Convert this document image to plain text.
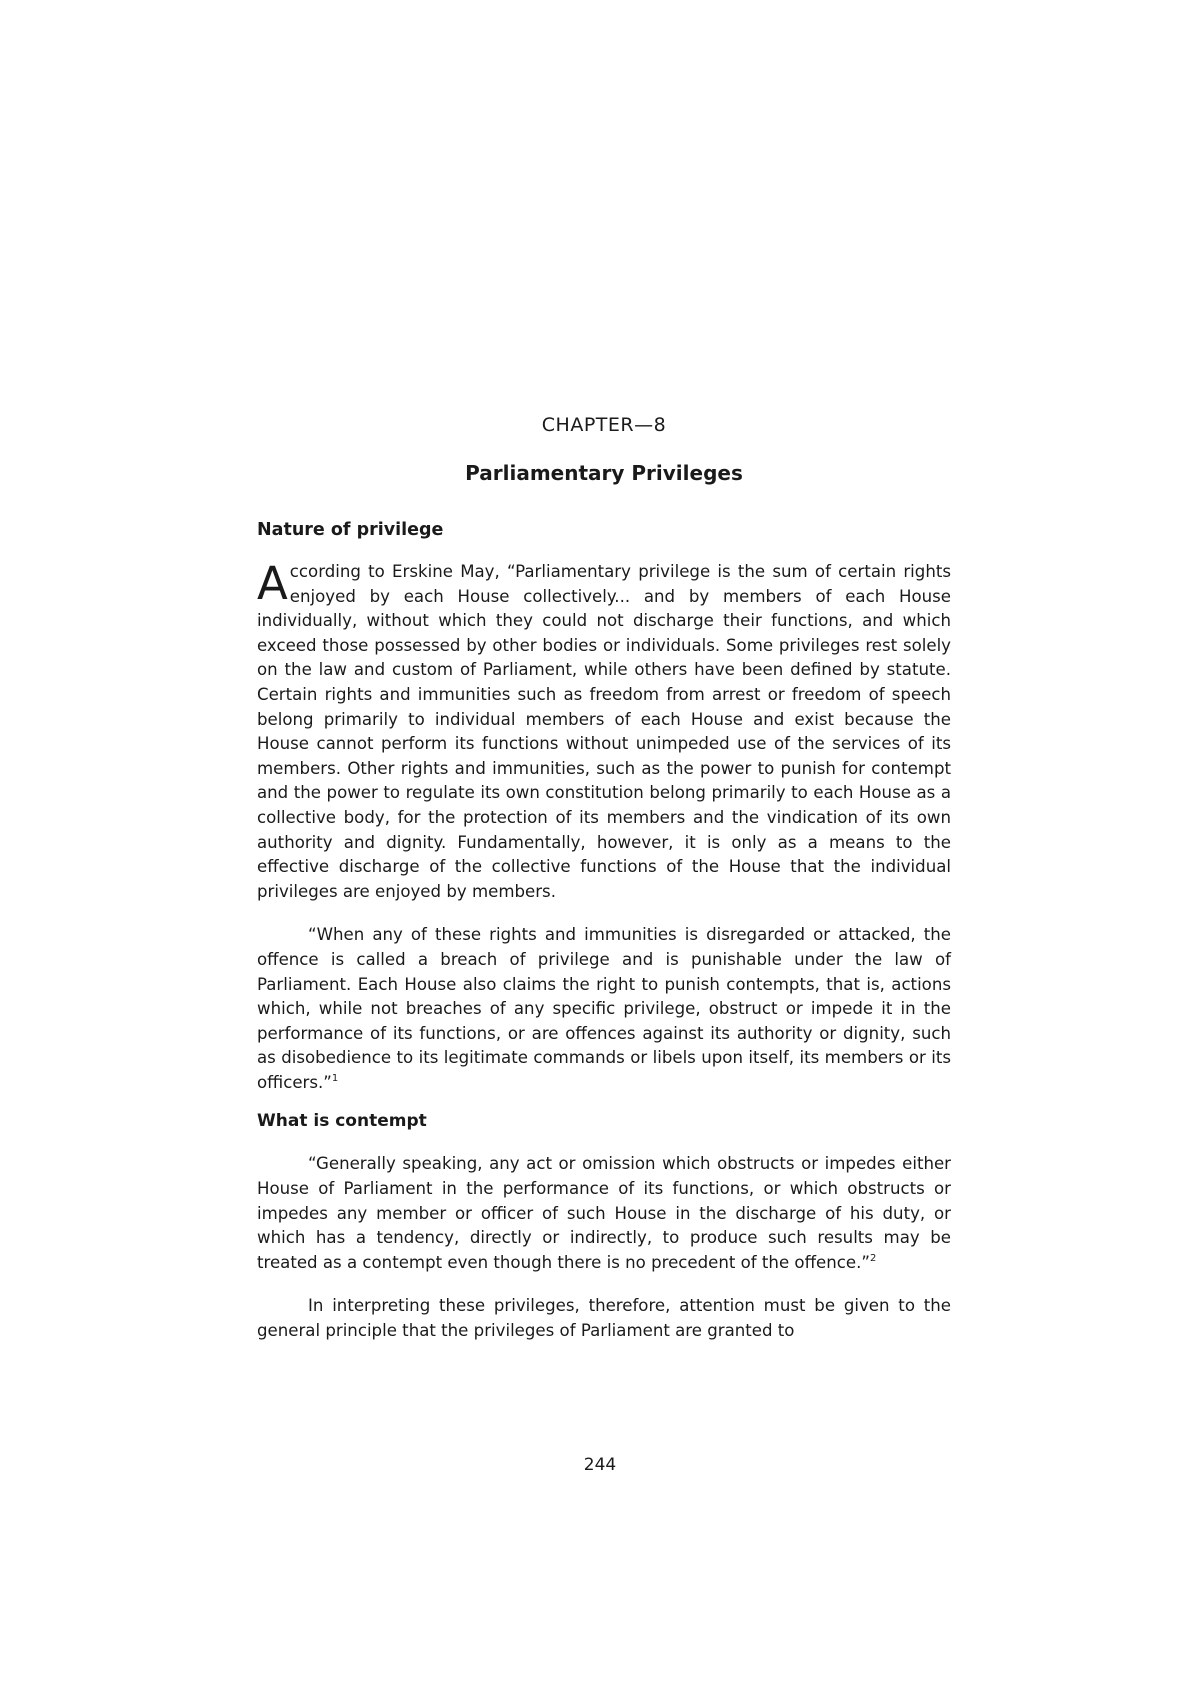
CHAPTER—8
Parliamentary Privileges
Nature of privilege

According to Erskine May, “Parliamentary privilege is the sum of certain rights enjoyed by each House collectively... and by members of each House individually, without which they could not discharge their functions, and which exceed those possessed by other bodies or individuals. Some privileges rest solely on the law and custom of Parliament, while others have been defined by statute. Certain rights and immunities such as freedom from arrest or freedom of speech belong primarily to individual members of each House and exist because the House cannot perform its functions without unimpeded use of the services of its members. Other rights and immunities, such as the power to punish for contempt and the power to regulate its own constitution belong primarily to each House as a collective body, for the protection of its members and the vindication of its own authority and dignity. Fundamentally, however, it is only as a means to the effective discharge of the collective functions of the House that the individual privileges are enjoyed by members.

“When any of these rights and immunities is disregarded or attacked, the offence is called a breach of privilege and is punishable under the law of Parliament. Each House also claims the right to punish contempts, that is, actions which, while not breaches of any specific privilege, obstruct or impede it in the performance of its functions, or are offences against its authority or dignity, such as disobedience to its legitimate commands or libels upon itself, its members or its officers.”$^1$

What is contempt

“Generally speaking, any act or omission which obstructs or impedes either House of Parliament in the performance of its functions, or which obstructs or impedes any member or officer of such House in the discharge of his duty, or which has a tendency, directly or indirectly, to produce such results may be treated as a contempt even though there is no precedent of the offence.”$^2$

In interpreting these privileges, therefore, attention must be given to the general principle that the privileges of Parliament are granted to

244
